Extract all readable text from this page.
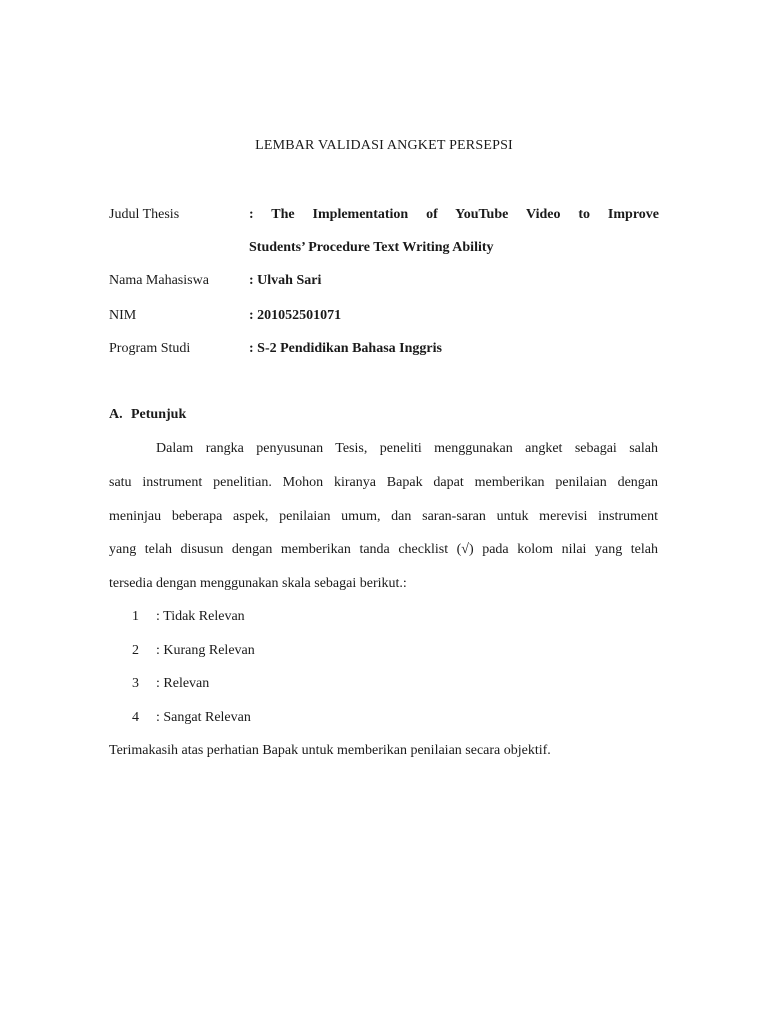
LEMBAR VALIDASI ANGKET PERSEPSI
Judul Thesis	: The Implementation of YouTube Video to Improve
Students’ Procedure Text Writing Ability
Nama Mahasiswa	: Ulvah Sari
NIM	: 201052501071
Program Studi	: S-2 Pendidikan Bahasa Inggris
A. Petunjuk
Dalam rangka penyusunan Tesis, peneliti menggunakan angket sebagai salah
satu instrument penelitian. Mohon kiranya Bapak dapat memberikan penilaian dengan
meninjau beberapa aspek, penilaian umum, dan saran-saran untuk merevisi instrument
yang telah disusun dengan memberikan tanda checklist (√) pada kolom nilai yang telah
tersedia dengan menggunakan skala sebagai berikut.:
1 : Tidak Relevan
2 : Kurang Relevan
3 : Relevan
4 : Sangat Relevan
Terimakasih atas perhatian Bapak untuk memberikan penilaian secara objektif.
